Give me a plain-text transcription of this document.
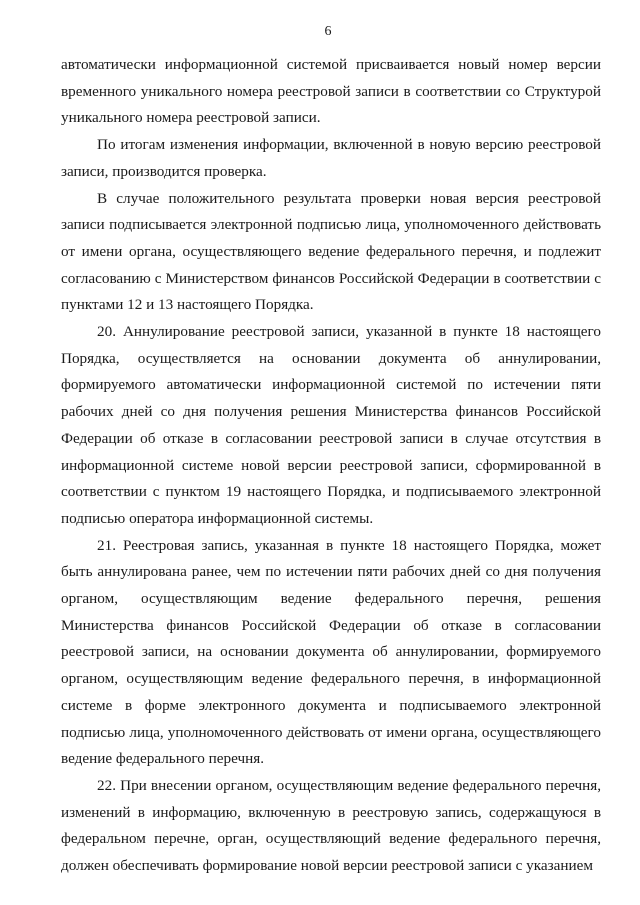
6

автоматически информационной системой присваивается новый номер версии временного уникального номера реестровой записи в соответствии со Структурой уникального номера реестровой записи.

По итогам изменения информации, включенной в новую версию реестровой записи, производится проверка.

В случае положительного результата проверки новая версия реестровой записи подписывается электронной подписью лица, уполномоченного действовать от имени органа, осуществляющего ведение федерального перечня, и подлежит согласованию с Министерством финансов Российской Федерации в соответствии с пунктами 12 и 13 настоящего Порядка.

20. Аннулирование реестровой записи, указанной в пункте 18 настоящего Порядка, осуществляется на основании документа об аннулировании, формируемого автоматически информационной системой по истечении пяти рабочих дней со дня получения решения Министерства финансов Российской Федерации об отказе в согласовании реестровой записи в случае отсутствия в информационной системе новой версии реестровой записи, сформированной в соответствии с пунктом 19 настоящего Порядка, и подписываемого электронной подписью оператора информационной системы.

21. Реестровая запись, указанная в пункте 18 настоящего Порядка, может быть аннулирована ранее, чем по истечении пяти рабочих дней со дня получения органом, осуществляющим ведение федерального перечня, решения Министерства финансов Российской Федерации об отказе в согласовании реестровой записи, на основании документа об аннулировании, формируемого органом, осуществляющим ведение федерального перечня, в информационной системе в форме электронного документа и подписываемого электронной подписью лица, уполномоченного действовать от имени органа, осуществляющего ведение федерального перечня.

22. При внесении органом, осуществляющим ведение федерального перечня, изменений в информацию, включенную в реестровую запись, содержащуюся в федеральном перечне, орган, осуществляющий ведение федерального перечня, должен обеспечивать формирование новой версии реестровой записи с указанием
